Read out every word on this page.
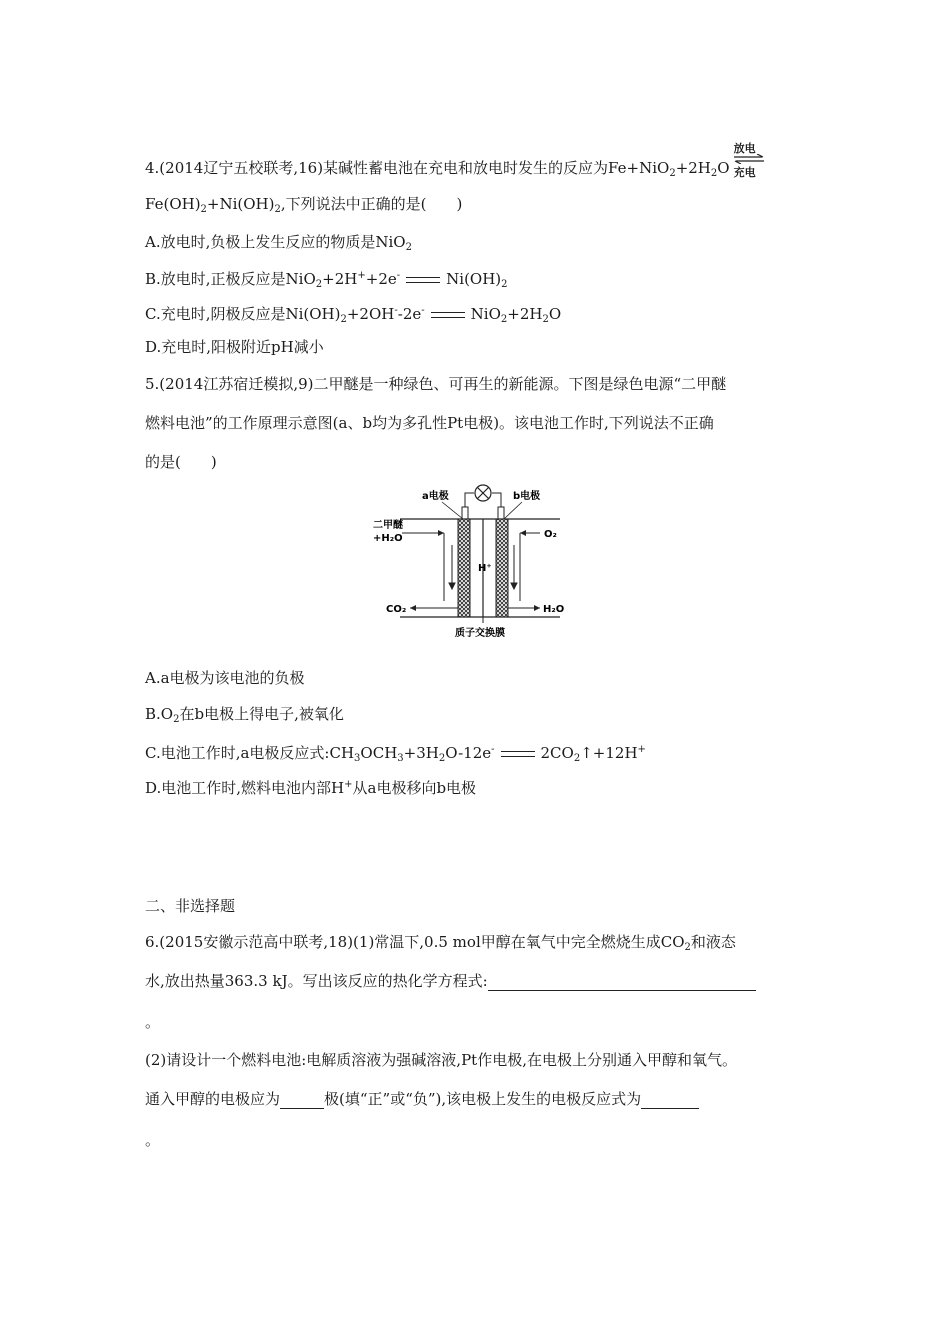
4.(2014辽宁五校联考,16)某碱性蓄电池在充电和放电时发生的反应为$Fe+NiO_2+2H_2O$
放电
充电
$Fe(OH)_2+Ni(OH)_2$,下列说法中正确的是(　　)
A.放电时,负极上发生反应的物质是NiO$_2$
B.放电时,正极反应是NiO$_2$+2H++2e-	$Ni(OH)_2$
C.充电时,阴极反应是$Ni(OH)_2+2OH^--2e^-$	$NiO_2+2H_2O$
D.充电时,阳极附近pH减小
5.(2014江苏宿迁模拟,9)二甲醚是一种绿色、可再生的新能源。下图是绿色电源“二甲醚
燃料电池”的工作原理示意图(a、b均为多孔性Pt电极)。该电池工作时,下列说法不正确
的是(　　)
a电极	b电极
二甲醚
+H₂O	O₂
H⁺
CO₂	H₂O
质子交换膜
A.a电极为该电池的负极
$B.O_2$在b电极上得电子,被氧化
C.电池工作时,a电极反应式$:CH_3OCH_3+3H_2O-12e^-$	$2CO_2↑+12H^+$
D.电池工作时,燃料电池内部H+从a电极移向b电极
二、非选择题
6.(2015安徽示范高中联考,18)(1)常温下,0.5 mol甲醇在氧气中完全燃烧生成$CO_2$和液态
水,放出热量363.3 kJ。写出该反应的热化学方程式:
。
(2)请设计一个燃料电池:电解质溶液为强碱溶液,Pt作电极,在电极上分别通入甲醇和氧气。
通入甲醇的电极应为	极(填“正”或“负”),该电极上发生的电极反应式为
。
